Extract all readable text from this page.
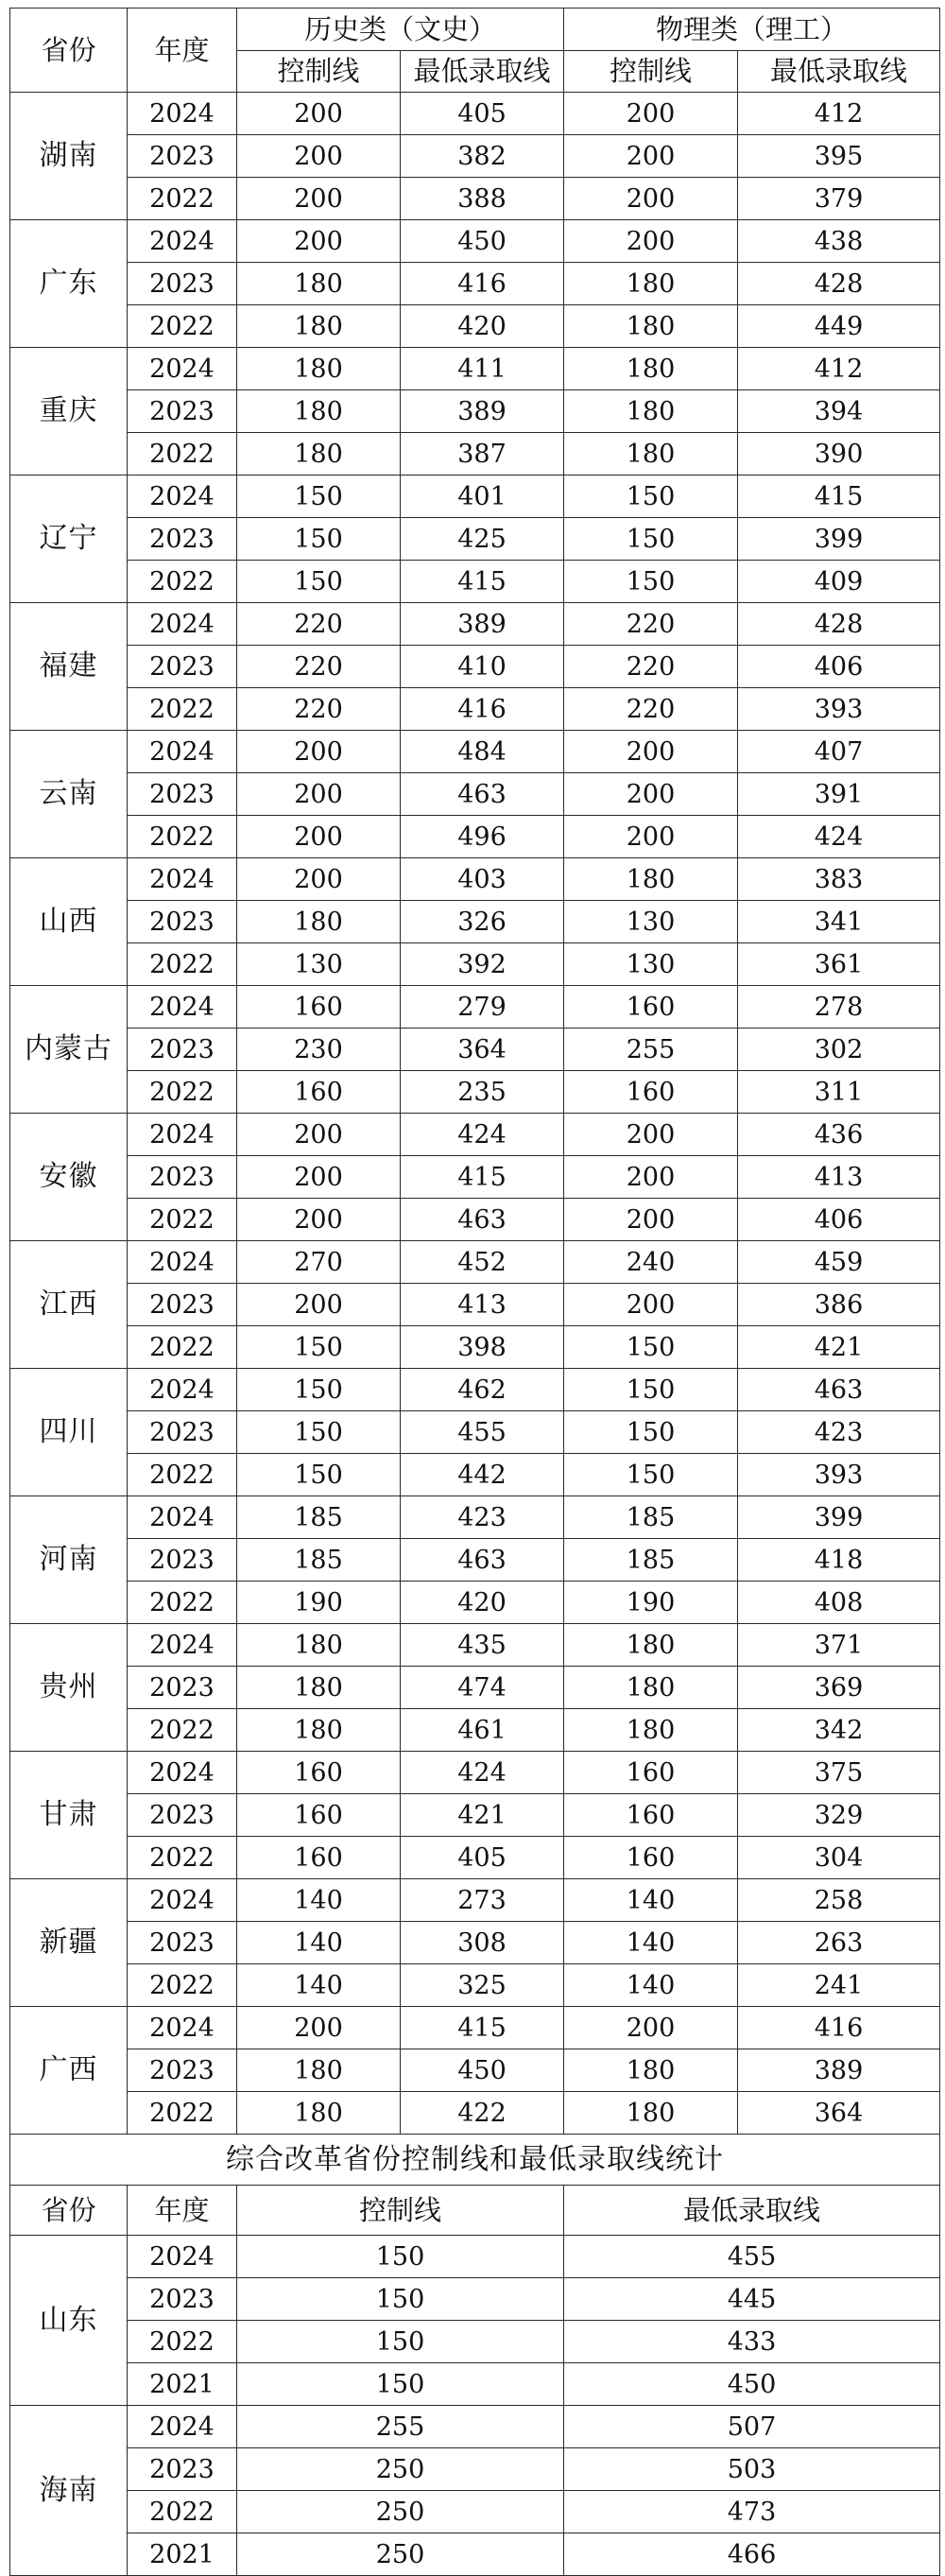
省份	年度	历史类（文史）		物理类（理工）	
		控制线	最低录取线	控制线	最低录取线
湖南	2024	200	405	200	412
	2023	200	382	200	395
	2022	200	388	200	379
广东	2024	200	450	200	438
	2023	180	416	180	428
	2022	180	420	180	449
重庆	2024	180	411	180	412
	2023	180	389	180	394
	2022	180	387	180	390
辽宁	2024	150	401	150	415
	2023	150	425	150	399
	2022	150	415	150	409
福建	2024	220	389	220	428
	2023	220	410	220	406
	2022	220	416	220	393
云南	2024	200	484	200	407
	2023	200	463	200	391
	2022	200	496	200	424
山西	2024	200	403	180	383
	2023	180	326	130	341
	2022	130	392	130	361
内蒙古	2024	160	279	160	278
	2023	230	364	255	302
	2022	160	235	160	311
安徽	2024	200	424	200	436
	2023	200	415	200	413
	2022	200	463	200	406
江西	2024	270	452	240	459
	2023	200	413	200	386
	2022	150	398	150	421
四川	2024	150	462	150	463
	2023	150	455	150	423
	2022	150	442	150	393
河南	2024	185	423	185	399
	2023	185	463	185	418
	2022	190	420	190	408
贵州	2024	180	435	180	371
	2023	180	474	180	369
	2022	180	461	180	342
甘肃	2024	160	424	160	375
	2023	160	421	160	329
	2022	160	405	160	304
新疆	2024	140	273	140	258
	2023	140	308	140	263
	2022	140	325	140	241
广西	2024	200	415	200	416
	2023	180	450	180	389
	2022	180	422	180	364
综合改革省份控制线和最低录取线统计					
省份	年度	控制线		最低录取线	
山东	2024	150		455	
	2023	150		445	
	2022	150		433	
	2021	150		450	
海南	2024	255		507	
	2023	250		503	
	2022	250		473	
	2021	250		466	
